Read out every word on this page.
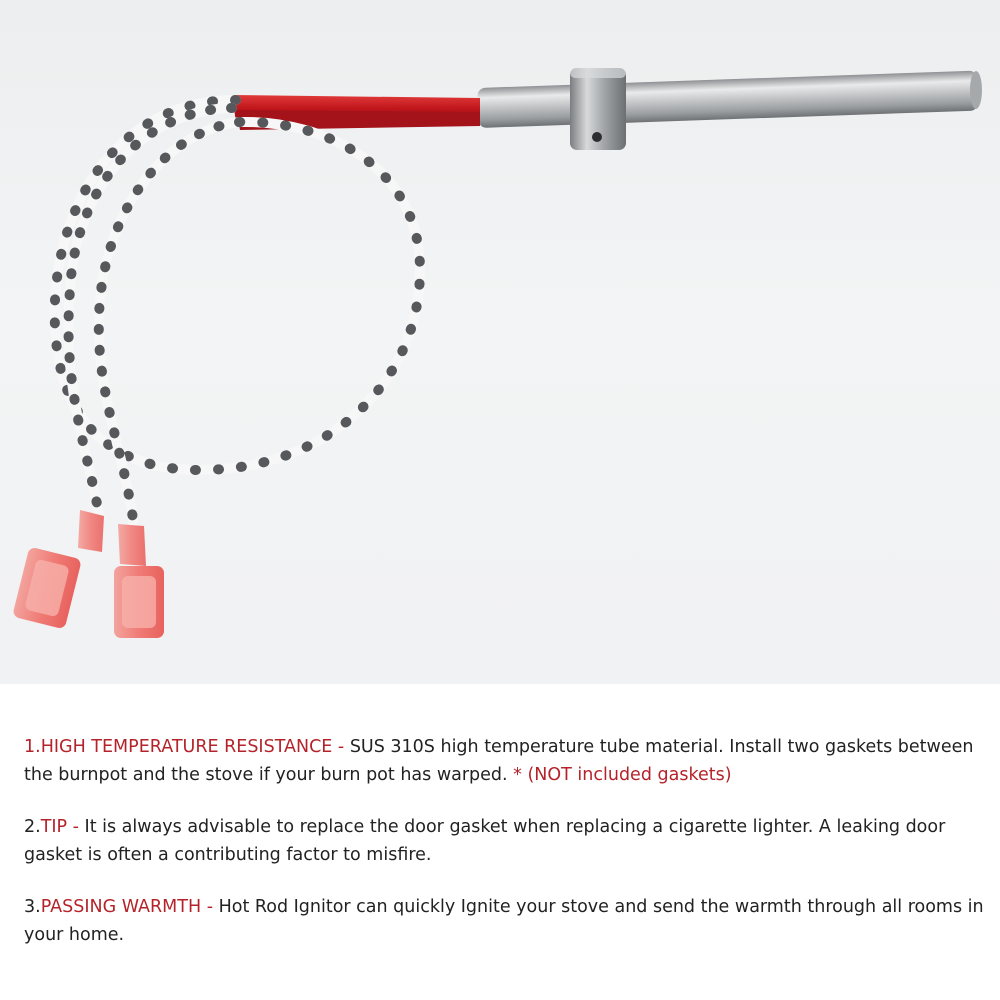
1.HIGH TEMPERATURE RESISTANCE - SUS 310S high temperature tube material. Install two gaskets between the burnpot and the stove if your burn pot has warped. * (NOT included gaskets)

2.TIP - It is always advisable to replace the door gasket when replacing a cigarette lighter. A leaking door gasket is often a contributing factor to misfire.

3.PASSING WARMTH - Hot Rod Ignitor can quickly Ignite your stove and send the warmth through all rooms in your home.
